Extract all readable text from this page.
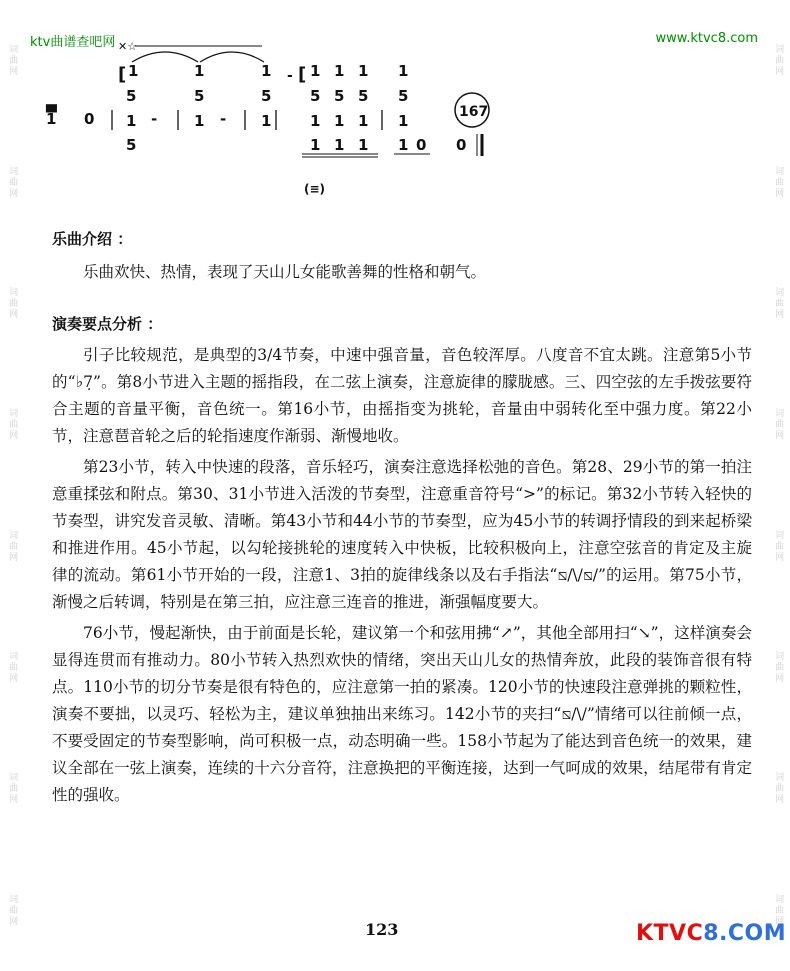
词曲网
词曲网
词曲网
词曲网
词曲网
词曲网
词曲网
词曲网
词曲网
词曲网
词曲网
词曲网
词曲网
词曲网
词曲网
词曲网
ktv曲谱查吧网	www.ktvc8.com
✕☆
▄
1 0
[ 1
5
1
5
-
1
5
1 -
1
5
1
- [ 1
5
1
1
1
5
1
1
1
5
1
1
1
5
1
1 0 0
167
(≡)
乐曲介绍 ：

乐曲欢快、热情，表现了天山儿女能歌善舞的性格和朝气。

演奏要点分析 ：

引子比较规范，是典型的3/4节奏，中速中强音量，音色较浑厚。八度音不宜太跳。注意第5小节的“♭7̣”。第8小节进入主题的摇指段，在二弦上演奏，注意旋律的朦胧感。三、四空弦的左手拨弦要符合主题的音量平衡，音色统一。第16小节，由摇指变为挑轮，音量由中弱转化至中强力度。第22小节，注意琶音轮之后的轮指速度作渐弱、渐慢地收。

第23小节，转入中快速的段落，音乐轻巧，演奏注意选择松弛的音色。第28、29小节的第一拍注意重揉弦和附点。第30、31小节进入活泼的节奏型，注意重音符号“>”的标记。第32小节转入轻快的节奏型，讲究发音灵敏、清晰。第43小节和44小节的节奏型，应为45小节的转调抒情段的到来起桥梁和推进作用。45小节起，以勾轮接挑轮的速度转入中快板，比较积极向上，注意空弦音的肯定及主旋律的流动。第61小节开始的一段，注意1、3拍的旋律线条以及右手指法“⧅/\/⧅/”的运用。第75小节，渐慢之后转调，特别是在第三拍，应注意三连音的推进，渐强幅度要大。

76小节，慢起渐快，由于前面是长轮，建议第一个和弦用拂“↗”，其他全部用扫“↘”，这样演奏会显得连贯而有推动力。80小节转入热烈欢快的情绪，突出天山儿女的热情奔放，此段的装饰音很有特点。110小节的切分节奏是很有特色的，应注意第一拍的紧凑。120小节的快速段注意弹挑的颗粒性，演奏不要拙，以灵巧、轻松为主，建议单独抽出来练习。142小节的夹扫“⧅/\/”情绪可以往前倾一点，不要受固定的节奏型影响，尚可积极一点，动态明确一些。158小节起为了能达到音色统一的效果，建议全部在一弦上演奏，连续的十六分音符，注意换把的平衡连接，达到一气呵成的效果，结尾带有肯定性的强收。

123	KTVC8.COM
